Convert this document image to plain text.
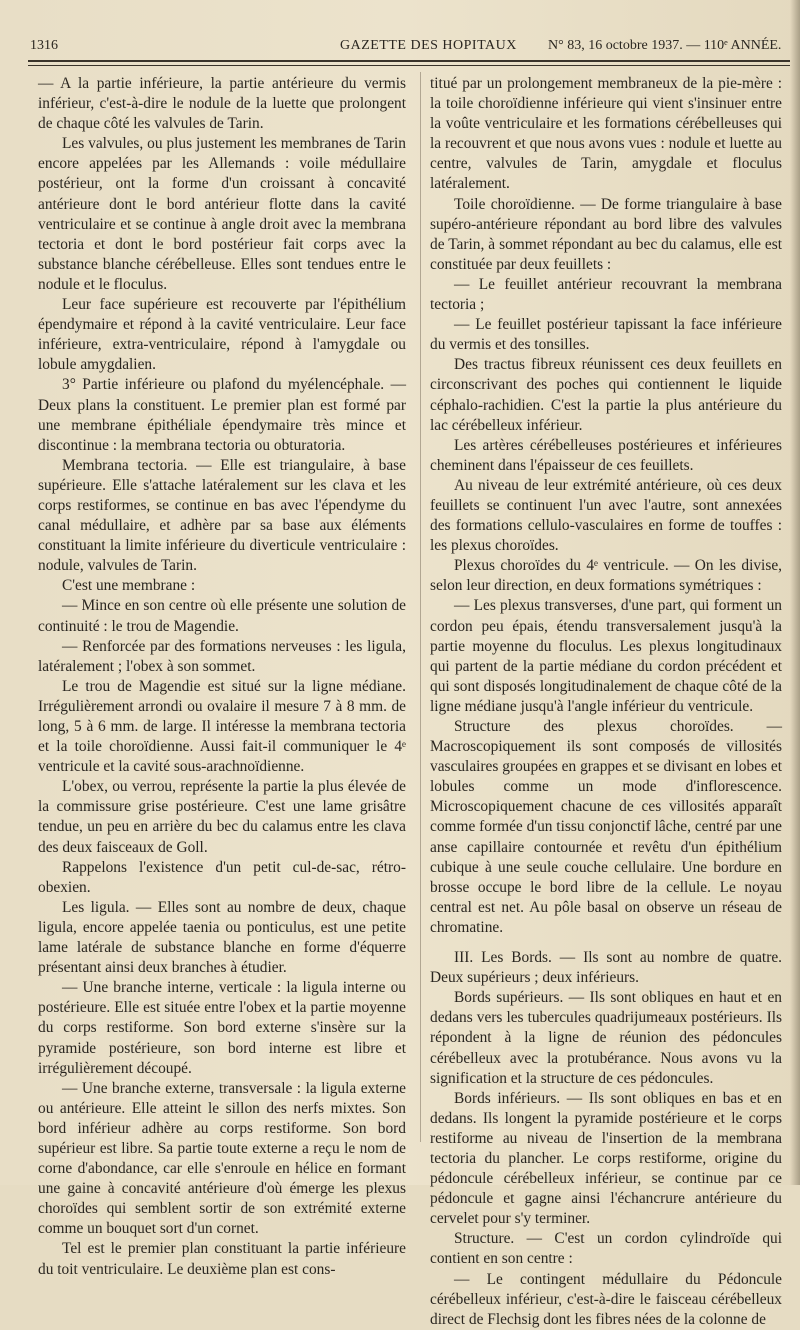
1316	GAZETTE DES HOPITAUX N° 83, 16 octobre 1937. — 110ᵉ ANNÉE.

— A la partie inférieure, la partie antérieure du vermis inférieur, c'est-à-dire le nodule de la luette que prolongent de chaque côté les valvules de Tarin.

Les valvules, ou plus justement les membranes de Tarin encore appelées par les Allemands : voile médullaire postérieur, ont la forme d'un croissant à concavité antérieure dont le bord antérieur flotte dans la cavité ventriculaire et se continue à angle droit avec la membrana tectoria et dont le bord postérieur fait corps avec la substance blanche cérébelleuse. Elles sont tendues entre le nodule et le floculus.

Leur face supérieure est recouverte par l'épithélium épendymaire et répond à la cavité ventriculaire. Leur face inférieure, extra-ventriculaire, répond à l'amygdale ou lobule amygdalien.

3° Partie inférieure ou plafond du myélencéphale. — Deux plans la constituent. Le premier plan est formé par une membrane épithéliale épendymaire très mince et discontinue : la membrana tectoria ou obturatoria.

Membrana tectoria. — Elle est triangulaire, à base supérieure. Elle s'attache latéralement sur les clava et les corps restiformes, se continue en bas avec l'épendyme du canal médullaire, et adhère par sa base aux éléments constituant la limite inférieure du diverticule ventriculaire : nodule, valvules de Tarin.

C'est une membrane :

— Mince en son centre où elle présente une solution de continuité : le trou de Magendie.

— Renforcée par des formations nerveuses : les ligula, latéralement ; l'obex à son sommet.

Le trou de Magendie est situé sur la ligne médiane. Irrégulièrement arrondi ou ovalaire il mesure 7 à 8 mm. de long, 5 à 6 mm. de large. Il intéresse la membrana tectoria et la toile choroïdienne. Aussi fait-il communiquer le 4ᵉ ventricule et la cavité sous-arachnoïdienne.

L'obex, ou verrou, représente la partie la plus élevée de la commissure grise postérieure. C'est une lame grisâtre tendue, un peu en arrière du bec du calamus entre les clava des deux faisceaux de Goll.

Rappelons l'existence d'un petit cul-de-sac, rétro-obexien.

Les ligula. — Elles sont au nombre de deux, chaque ligula, encore appelée taenia ou ponticulus, est une petite lame latérale de substance blanche en forme d'équerre présentant ainsi deux branches à étudier.

— Une branche interne, verticale : la ligula interne ou postérieure. Elle est située entre l'obex et la partie moyenne du corps restiforme. Son bord externe s'insère sur la pyramide postérieure, son bord interne est libre et irrégulièrement découpé.

— Une branche externe, transversale : la ligula externe ou antérieure. Elle atteint le sillon des nerfs mixtes. Son bord inférieur adhère au corps restiforme. Son bord supérieur est libre. Sa partie toute externe a reçu le nom de corne d'abondance, car elle s'enroule en hélice en formant une gaine à concavité antérieure d'où émerge les plexus choroïdes qui semblent sortir de son extrémité externe comme un bouquet sort d'un cornet.

Tel est le premier plan constituant la partie inférieure du toit ventriculaire. Le deuxième plan est cons-

titué par un prolongement membraneux de la pie-mère : la toile choroïdienne inférieure qui vient s'insinuer entre la voûte ventriculaire et les formations cérébelleuses qui la recouvrent et que nous avons vues : nodule et luette au centre, valvules de Tarin, amygdale et floculus latéralement.

Toile choroïdienne. — De forme triangulaire à base supéro-antérieure répondant au bord libre des valvules de Tarin, à sommet répondant au bec du calamus, elle est constituée par deux feuillets :

— Le feuillet antérieur recouvrant la membrana tectoria ;

— Le feuillet postérieur tapissant la face inférieure du vermis et des tonsilles.

Des tractus fibreux réunissent ces deux feuillets en circonscrivant des poches qui contiennent le liquide céphalo-rachidien. C'est la partie la plus antérieure du lac cérébelleux inférieur.

Les artères cérébelleuses postérieures et inférieures cheminent dans l'épaisseur de ces feuillets.

Au niveau de leur extrémité antérieure, où ces deux feuillets se continuent l'un avec l'autre, sont annexées des formations cellulo-vasculaires en forme de touffes : les plexus choroïdes.

Plexus choroïdes du 4ᵉ ventricule. — On les divise, selon leur direction, en deux formations symétriques :

— Les plexus transverses, d'une part, qui forment un cordon peu épais, étendu transversalement jusqu'à la partie moyenne du floculus. Les plexus longitudinaux qui partent de la partie médiane du cordon précédent et qui sont disposés longitudinalement de chaque côté de la ligne médiane jusqu'à l'angle inférieur du ventricule.

Structure des plexus choroïdes. — Macroscopiquement ils sont composés de villosités vasculaires groupées en grappes et se divisant en lobes et lobules comme un mode d'inflorescence. Microscopiquement chacune de ces villosités apparaît comme formée d'un tissu conjonctif lâche, centré par une anse capillaire contournée et revêtu d'un épithélium cubique à une seule couche cellulaire. Une bordure en brosse occupe le bord libre de la cellule. Le noyau central est net. Au pôle basal on observe un réseau de chromatine.

III. Les Bords. — Ils sont au nombre de quatre. Deux supérieurs ; deux inférieurs.

Bords supérieurs. — Ils sont obliques en haut et en dedans vers les tubercules quadrijumeaux postérieurs. Ils répondent à la ligne de réunion des pédoncules cérébelleux avec la protubérance. Nous avons vu la signification et la structure de ces pédoncules.

Bords inférieurs. — Ils sont obliques en bas et en dedans. Ils longent la pyramide postérieure et le corps restiforme au niveau de l'insertion de la membrana tectoria du plancher. Le corps restiforme, origine du pédoncule cérébelleux inférieur, se continue par ce pédoncule et gagne ainsi l'échancrure antérieure du cervelet pour s'y terminer.

Structure. — C'est un cordon cylindroïde qui contient en son centre :

— Le contingent médullaire du Pédoncule cérébelleux inférieur, c'est-à-dire le faisceau cérébelleux direct de Flechsig dont les fibres nées de la colonne de
